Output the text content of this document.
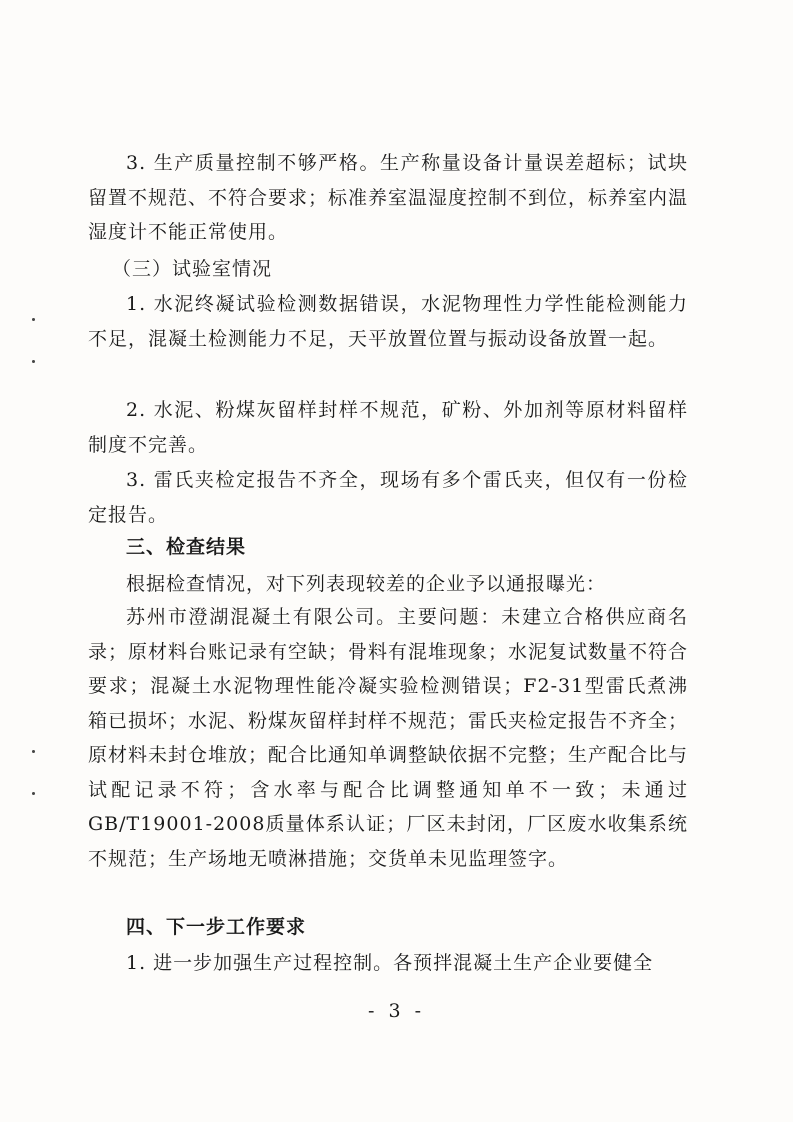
3. 生产质量控制不够严格。生产称量设备计量误差超标；试块留置不规范、不符合要求；标准养室温湿度控制不到位，标养室内温湿度计不能正常使用。

（三）试验室情况

1. 水泥终凝试验检测数据错误，水泥物理性力学性能检测能力不足，混凝土检测能力不足，天平放置位置与振动设备放置一起。

2. 水泥、粉煤灰留样封样不规范，矿粉、外加剂等原材料留样制度不完善。

3. 雷氏夹检定报告不齐全，现场有多个雷氏夹，但仅有一份检定报告。

三、检查结果

根据检查情况，对下列表现较差的企业予以通报曝光：

苏州市澄湖混凝土有限公司。主要问题：未建立合格供应商名录；原材料台账记录有空缺；骨料有混堆现象；水泥复试数量不符合要求；混凝土水泥物理性能冷凝实验检测错误；F2-31型雷氏煮沸箱已损坏；水泥、粉煤灰留样封样不规范；雷氏夹检定报告不齐全；原材料未封仓堆放；配合比通知单调整缺依据不完整；生产配合比与试配记录不符；含水率与配合比调整通知单不一致；未通过GB/T19001-2008质量体系认证；厂区未封闭，厂区废水收集系统不规范；生产场地无喷淋措施；交货单未见监理签字。

四、下一步工作要求

1. 进一步加强生产过程控制。各预拌混凝土生产企业要健全

- 3 -
